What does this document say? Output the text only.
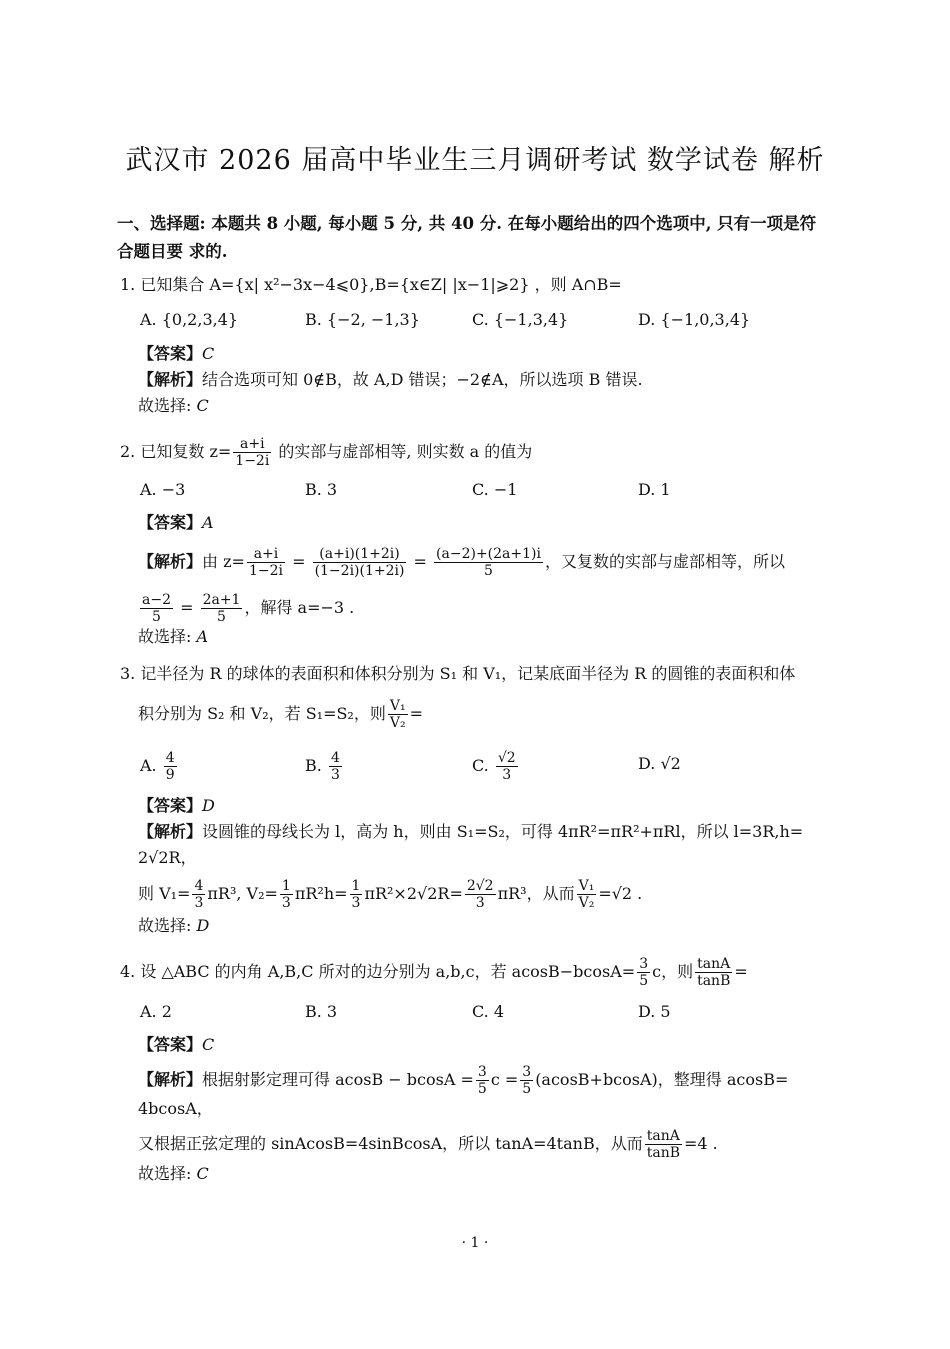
武汉市 2026 届高中毕业生三月调研考试 数学试卷 解析
一、选择题: 本题共 8 小题, 每小题 5 分, 共 40 分. 在每小题给出的四个选项中, 只有一项是符
合题目要 求的.
1. 已知集合 A={x| x²−3x−4⩽0},B={x∈Z| |x−1|⩾2} ，则 A∩B=
A. {0,2,3,4}	B. {−2, −1,3}	C. {−1,3,4}	D. {−1,0,3,4}
【答案】C
【解析】结合选项可知 0∉B，故 A,D 错误；−2∉A，所以选项 B 错误.
故选择: C
2. 已知复数 $z= \frac{a+i}{1-2i}$ 的实部与虚部相等, 则实数 a 的值为
A. −3	B. 3	C. −1	D. 1
【答案】A
【解析】由 $z= \frac{a+i}{1-2i} = \frac{(a+i)(1+2i)}{(1-2i)(1+2i)} = \frac{(a-2)+(2a+1)i}{5}$ ，又复数的实部与虚部相等，所以
$\frac{a-2}{5} = \frac{2a+1}{5}$ ，解得 a=−3 .
故选择: A
3. 记半径为 R 的球体的表面积和体积分别为 S₁ 和 V₁，记某底面半径为 R 的圆锥的表面积和体
积分别为 S₂ 和 V₂，若 S₁=S₂，则 $\frac{\text{V₁}}{\text{V₂}}$ =
A. $\frac{4}{9}$	B. $\frac{4}{3}$	C. $\frac{√2}{3}$	D. √2
【答案】D
【解析】设圆锥的母线长为 l，高为 h，则由 S₁=S₂，可得 4πR²=πR²+πRl，所以 l=3R,h=
2√2R，
则 $V_1= \frac{4}{3} \pi R^3$, $V_2= \frac{1}{3} \pi R^2h= \frac{1}{3} \pi R^2\times 2√2R= \frac{2√2}{3} \pi R^3$，从而 $\frac{\text{V₁}}{\text{V₂}} =√2$ .
故选择: D
4. 设 △ABC 的内角 A,B,C 所对的边分别为 a,b,c，若 $acosB-bcosA= \frac{3}{5}$ c，则 $\frac{\tan A}{\tan B}$ =
A. 2	B. 3	C. 4	D. 5
【答案】C
【解析】根据射影定理可得 $acosB - bcosA = \frac{3}{5}$ $c = \frac{3}{5} (acosB+bcosA)$，整理得 acosB=
4bcosA，
又根据正弦定理的 sinAcosB=4sinBcosA，所以 tanA=4tanB，从而 $\frac{\tan A}{\tan B} =4$ .
故选择: C
· 1 ·
